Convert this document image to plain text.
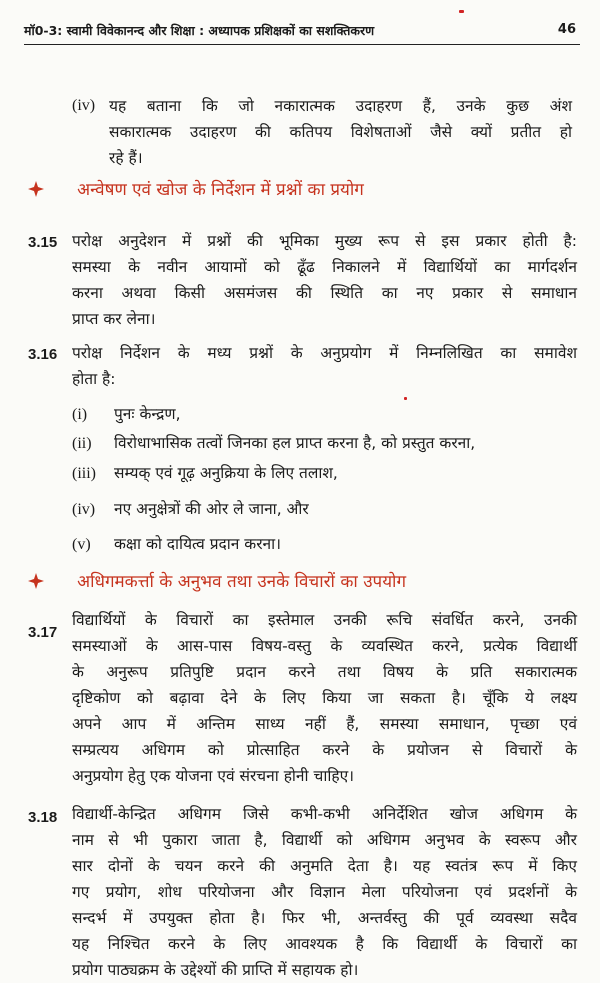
मॉ0-3: स्वामी विवेकानन्द और शिक्षा : अध्यापक प्रशिक्षकों का सशक्तिकरण	46
(iv) यह बताना कि जो नकारात्मक उदाहरण हैं, उनके कुछ अंश
सकारात्मक उदाहरण की कतिपय विशेषताओं जैसे क्यों प्रतीत हो
रहे हैं।
अन्वेषण एवं खोज के निर्देशन में प्रश्नों का प्रयोग
3.15 परोक्ष अनुदेशन में प्रश्नों की भूमिका मुख्य रूप से इस प्रकार होती है:
समस्या के नवीन आयामों को ढूँढ निकालने में विद्यार्थियों का मार्गदर्शन
करना अथवा किसी असमंजस की स्थिति का नए प्रकार से समाधान
प्राप्त कर लेना।
3.16 परोक्ष निर्देशन के मध्य प्रश्नों के अनुप्रयोग में निम्नलिखित का समावेश
होता है:
(i) पुनः केन्द्रण,
(ii) विरोधाभासिक तत्वों जिनका हल प्राप्त करना है, को प्रस्तुत करना,
(iii) सम्यक् एवं गूढ़ अनुक्रिया के लिए तलाश,
(iv) नए अनुक्षेत्रों की ओर ले जाना, और
(v) कक्षा को दायित्व प्रदान करना।
अधिगमकर्त्ता के अनुभव तथा उनके विचारों का उपयोग
3.17
विद्यार्थियों के विचारों का इस्तेमाल उनकी रूचि संवर्धित करने, उनकी
समस्याओं के आस-पास विषय-वस्तु के व्यवस्थित करने, प्रत्येक विद्यार्थी
के अनुरूप प्रतिपुष्टि प्रदान करने तथा विषय के प्रति सकारात्मक
दृष्टिकोण को बढ़ावा देने के लिए किया जा सकता है। चूँकि ये लक्ष्य
अपने आप में अन्तिम साध्य नहीं हैं, समस्या समाधान, पृच्छा एवं
सम्प्रत्यय अधिगम को प्रोत्साहित करने के प्रयोजन से विचारों के
अनुप्रयोग हेतु एक योजना एवं संरचना होनी चाहिए।
3.18 विद्यार्थी-केन्द्रित अधिगम जिसे कभी-कभी अनिर्देशित खोज अधिगम के
नाम से भी पुकारा जाता है, विद्यार्थी को अधिगम अनुभव के स्वरूप और
सार दोनों के चयन करने की अनुमति देता है। यह स्वतंत्र रूप में किए
गए प्रयोग, शोध परियोजना और विज्ञान मेला परियोजना एवं प्रदर्शनों के
सन्दर्भ में उपयुक्त होता है। फिर भी, अन्तर्वस्तु की पूर्व व्यवस्था सदैव
यह निश्चित करने के लिए आवश्यक है कि विद्यार्थी के विचारों का
प्रयोग पाठ्यक्रम के उद्देश्यों की प्राप्ति में सहायक हो।
